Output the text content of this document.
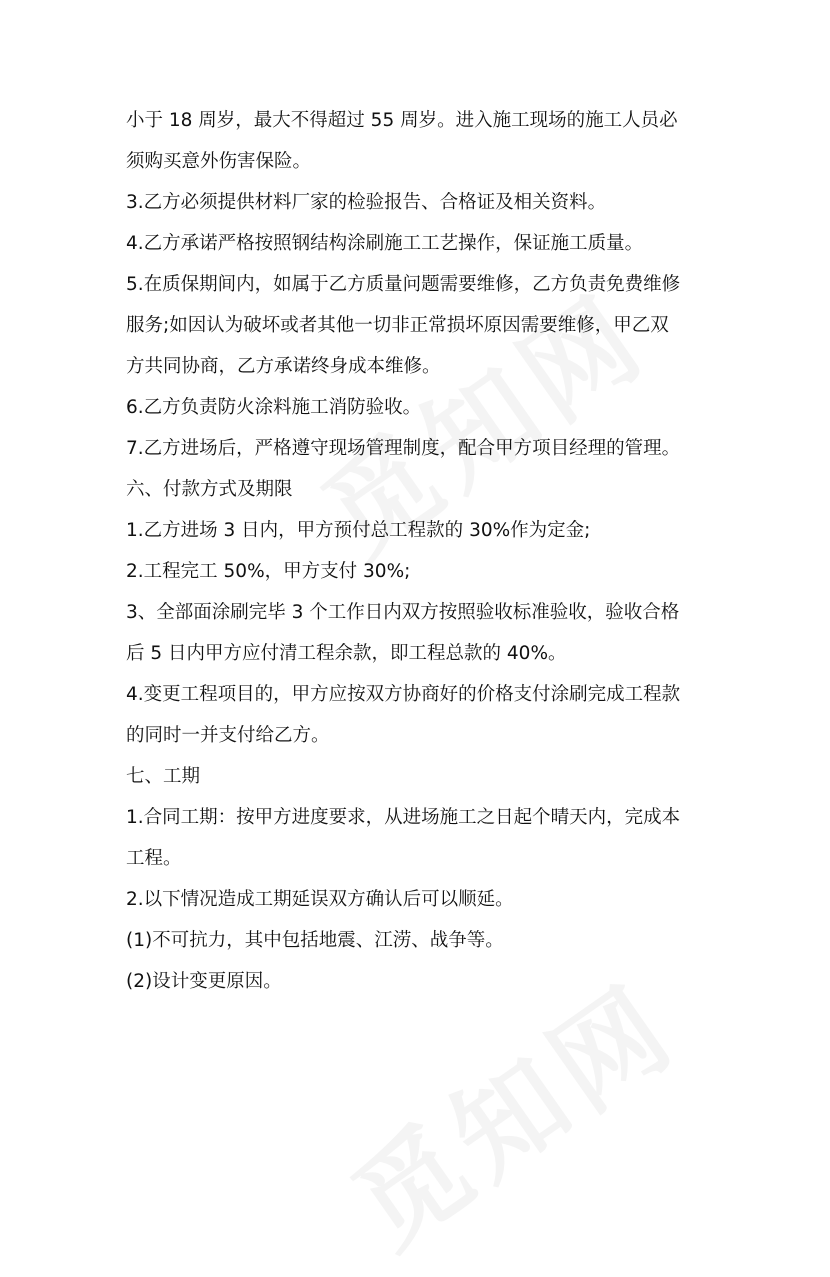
小于 18 周岁，最大不得超过 55 周岁。进入施工现场的施工人员必
须购买意外伤害保险。
3.乙方必须提供材料厂家的检验报告、合格证及相关资料。
4.乙方承诺严格按照钢结构涂刷施工工艺操作，保证施工质量。
5.在质保期间内，如属于乙方质量问题需要维修，乙方负责免费维修
服务;如因认为破坏或者其他一切非正常损坏原因需要维修，甲乙双
方共同协商，乙方承诺终身成本维修。
6.乙方负责防火涂料施工消防验收。
7.乙方进场后，严格遵守现场管理制度，配合甲方项目经理的管理。
六、付款方式及期限
1.乙方进场 3 日内，甲方预付总工程款的 30%作为定金;
2.工程完工 50%，甲方支付 30%;
3、全部面涂刷完毕 3 个工作日内双方按照验收标准验收，验收合格
后 5 日内甲方应付清工程余款，即工程总款的 40%。
4.变更工程项目的，甲方应按双方协商好的价格支付涂刷完成工程款
的同时一并支付给乙方。
七、工期
1.合同工期：按甲方进度要求，从进场施工之日起个晴天内，完成本
工程。
2.以下情况造成工期延误双方确认后可以顺延。
(1)不可抗力，其中包括地震、江涝、战争等。
(2)设计变更原因。
